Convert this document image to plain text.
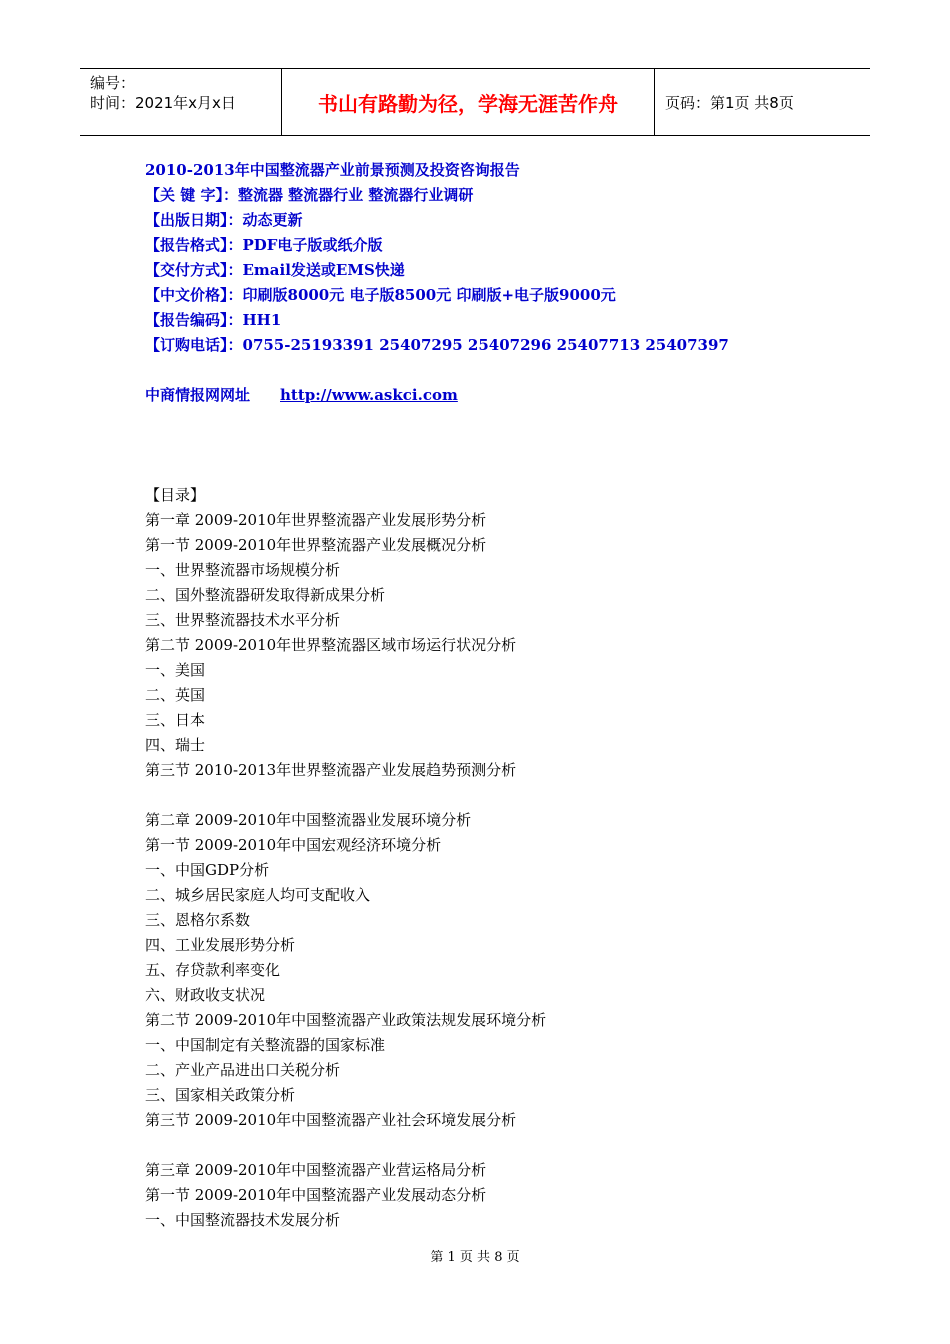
编号：
时间：2021年x月x日	书山有路勤为径，学海无涯苦作舟	页码：第1页 共8页
2010-2013年中国整流器产业前景预测及投资咨询报告
【关 键 字】：整流器 整流器行业 整流器行业调研
【出版日期】：动态更新
【报告格式】：PDF电子版或纸介版
【交付方式】：Email发送或EMS快递
【中文价格】：印刷版8000元 电子版8500元 印刷版+电子版9000元
【报告编码】：HH1
【订购电话】：0755-25193391 25407295 25407296 25407713 25407397
中商情报网网址 http://www.askci.com
【目录】
第一章 2009-2010年世界整流器产业发展形势分析
第一节 2009-2010年世界整流器产业发展概况分析
一、世界整流器市场规模分析
二、国外整流器研发取得新成果分析
三、世界整流器技术水平分析
第二节 2009-2010年世界整流器区域市场运行状况分析
一、美国
二、英国
三、日本
四、瑞士
第三节 2010-2013年世界整流器产业发展趋势预测分析
第二章 2009-2010年中国整流器业发展环境分析
第一节 2009-2010年中国宏观经济环境分析
一、中国GDP分析
二、城乡居民家庭人均可支配收入
三、恩格尔系数
四、工业发展形势分析
五、存贷款利率变化
六、财政收支状况
第二节 2009-2010年中国整流器产业政策法规发展环境分析
一、中国制定有关整流器的国家标准
二、产业产品进出口关税分析
三、国家相关政策分析
第三节 2009-2010年中国整流器产业社会环境发展分析
第三章 2009-2010年中国整流器产业营运格局分析
第一节 2009-2010年中国整流器产业发展动态分析
一、中国整流器技术发展分析
第 1 页 共 8 页
